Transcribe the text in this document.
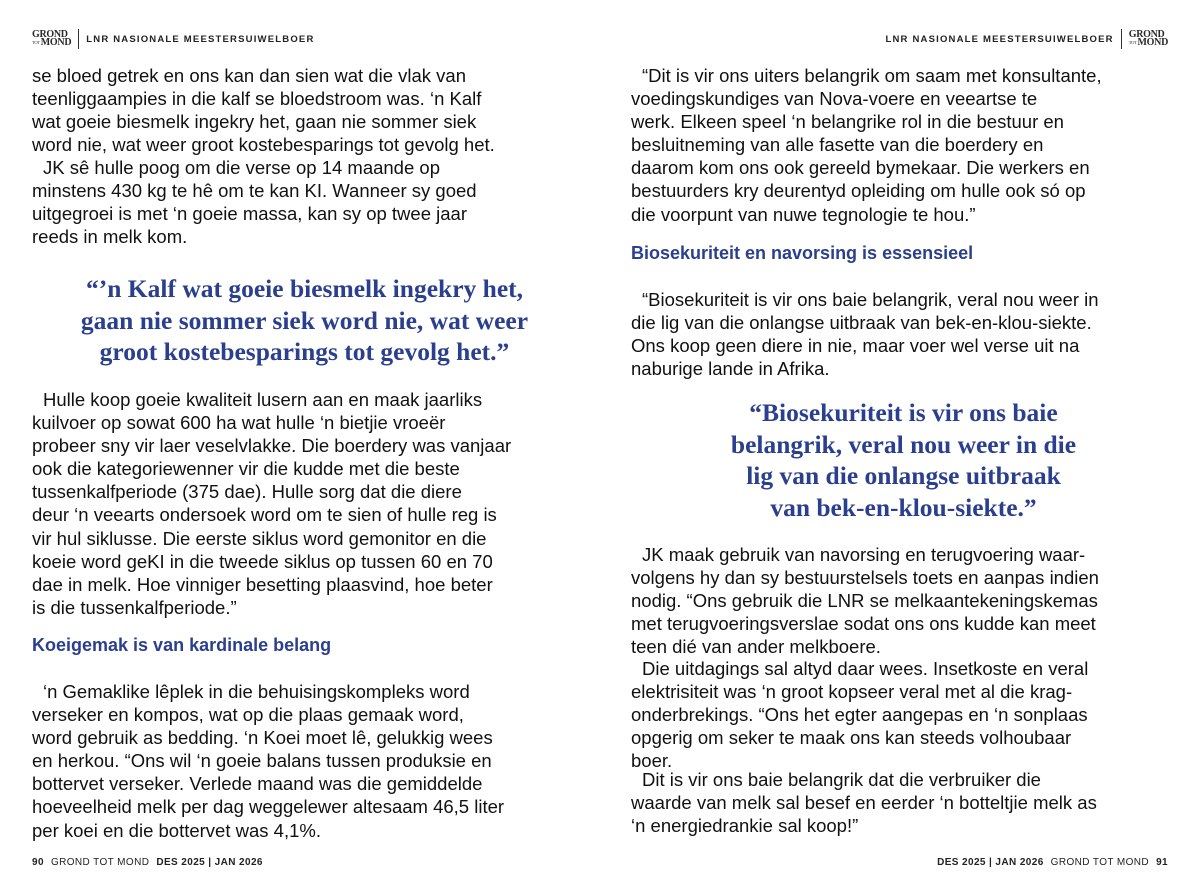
GROND
TOT MOND LNR NASIONALE MEESTERSUIWELBOER

se bloed getrek en ons kan dan sien wat die vlak van
teenliggaampies in die kalf se bloedstroom was. ‘n Kalf
wat goeie biesmelk ingekry het, gaan nie sommer siek
word nie, wat weer groot kostebesparings tot gevolg het.

JK sê hulle poog om die verse op 14 maande op
minstens 430 kg te hê om te kan KI. Wanneer sy goed
uitgegroei is met ‘n goeie massa, kan sy op twee jaar
reeds in melk kom.

“’n Kalf wat goeie biesmelk ingekry het,
gaan nie sommer siek word nie, wat weer
groot kostebesparings tot gevolg het.”

Hulle koop goeie kwaliteit lusern aan en maak jaarliks
kuilvoer op sowat 600 ha wat hulle ‘n bietjie vroeër
probeer sny vir laer veselvlakke. Die boerdery was vanjaar
ook die kategoriewenner vir die kudde met die beste
tussenkalfperiode (375 dae). Hulle sorg dat die diere
deur ‘n veearts ondersoek word om te sien of hulle reg is
vir hul siklusse. Die eerste siklus word gemonitor en die
koeie word geKI in die tweede siklus op tussen 60 en 70
dae in melk. Hoe vinniger besetting plaasvind, hoe beter
is die tussenkalfperiode.”

Koeigemak is van kardinale belang

‘n Gemaklike lêplek in die behuisingskompleks word
verseker en kompos, wat op die plaas gemaak word,
word gebruik as bedding. ‘n Koei moet lê, gelukkig wees
en herkou. “Ons wil ‘n goeie balans tussen produksie en
bottervet verseker. Verlede maand was die gemiddelde
hoeveelheid melk per dag weggelewer altesaam 46,5 liter
per koei en die bottervet was 4,1%.

90 GROND TOT MOND DES 2025 | JAN 2026
LNR NASIONALE MEESTERSUIWELBOER GROND
TOT MOND

“Dit is vir ons uiters belangrik om saam met konsultante,
voedingskundiges van Nova-voere en veeartse te
werk. Elkeen speel ‘n belangrike rol in die bestuur en
besluitneming van alle fasette van die boerdery en
daarom kom ons ook gereeld bymekaar. Die werkers en
bestuurders kry deurentyd opleiding om hulle ook só op
die voorpunt van nuwe tegnologie te hou.”

Biosekuriteit en navorsing is essensieel

“Biosekuriteit is vir ons baie belangrik, veral nou weer in
die lig van die onlangse uitbraak van bek-en-klou-siekte.
Ons koop geen diere in nie, maar voer wel verse uit na
naburige lande in Afrika.

“Biosekuriteit is vir ons baie
belangrik, veral nou weer in die
lig van die onlangse uitbraak
van bek-en-klou-siekte.”

JK maak gebruik van navorsing en terugvoering waar-
volgens hy dan sy bestuurstelsels toets en aanpas indien
nodig. “Ons gebruik die LNR se melkaantekeningskemas
met terugvoeringsverslae sodat ons ons kudde kan meet
teen dié van ander melkboere.

Die uitdagings sal altyd daar wees. Insetkoste en veral
elektrisiteit was ‘n groot kopseer veral met al die krag-
onderbrekings. “Ons het egter aangepas en ‘n sonplaas
opgerig om seker te maak ons kan steeds volhoubaar
boer.

Dit is vir ons baie belangrik dat die verbruiker die
waarde van melk sal besef en eerder ‘n botteltjie melk as
‘n energiedrankie sal koop!”

DES 2025 | JAN 2026 GROND TOT MOND 91
